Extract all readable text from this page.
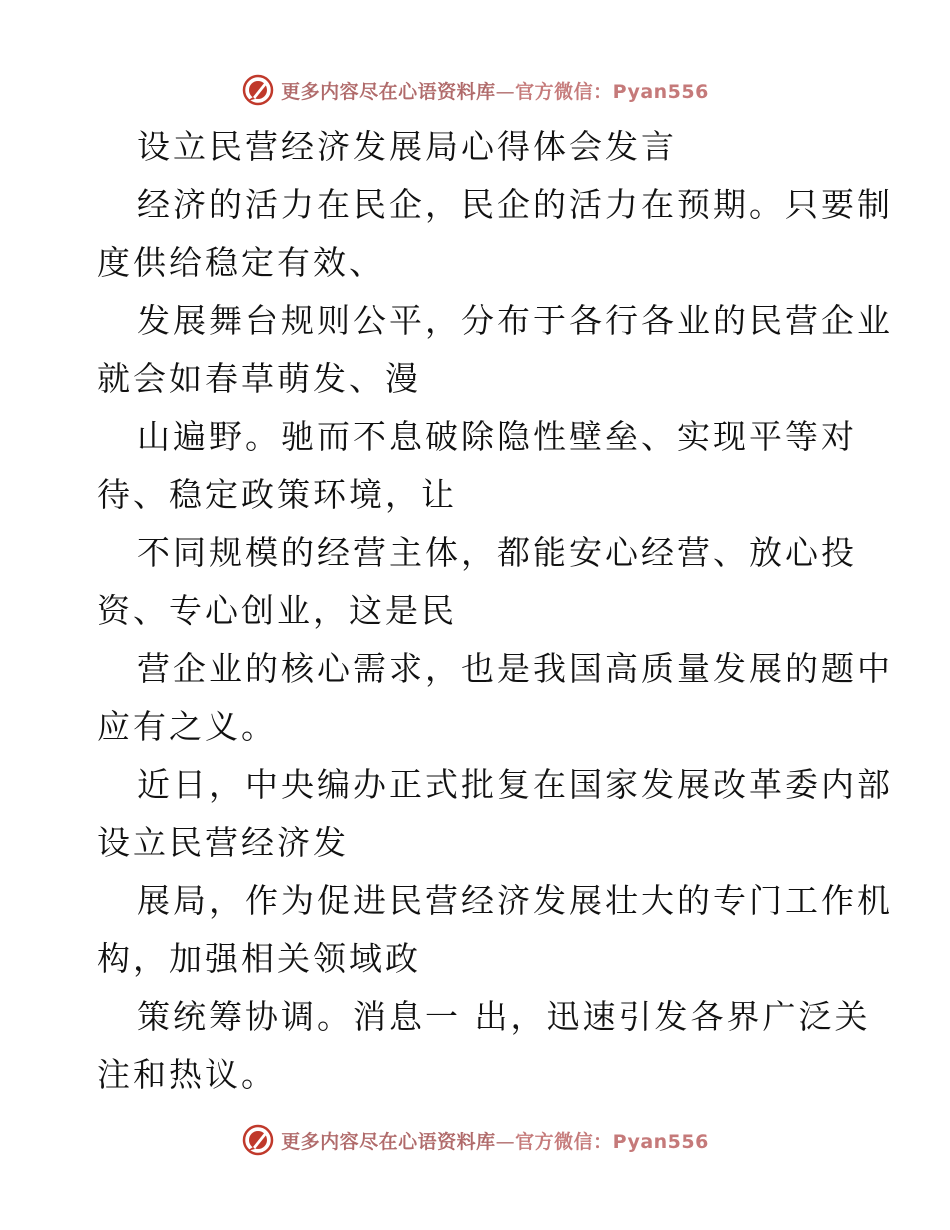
更多内容尽在心语资料库—官方微信：Pyan556
设立民营经济发展局心得体会发言
经济的活力在民企，民企的活力在预期。只要制
度供给稳定有效、
发展舞台规则公平，分布于各行各业的民营企业
就会如春草萌发、漫
山遍野。驰而不息破除隐性壁垒、实现平等对
待、稳定政策环境，让
不同规模的经营主体，都能安心经营、放心投
资、专心创业，这是民
营企业的核心需求，也是我国高质量发展的题中
应有之义。
近日，中央编办正式批复在国家发展改革委内部
设立民营经济发
展局，作为促进民营经济发展壮大的专门工作机
构，加强相关领域政
策统筹协调。消息一 出，迅速引发各界广泛关
注和热议。
更多内容尽在心语资料库—官方微信：Pyan556
